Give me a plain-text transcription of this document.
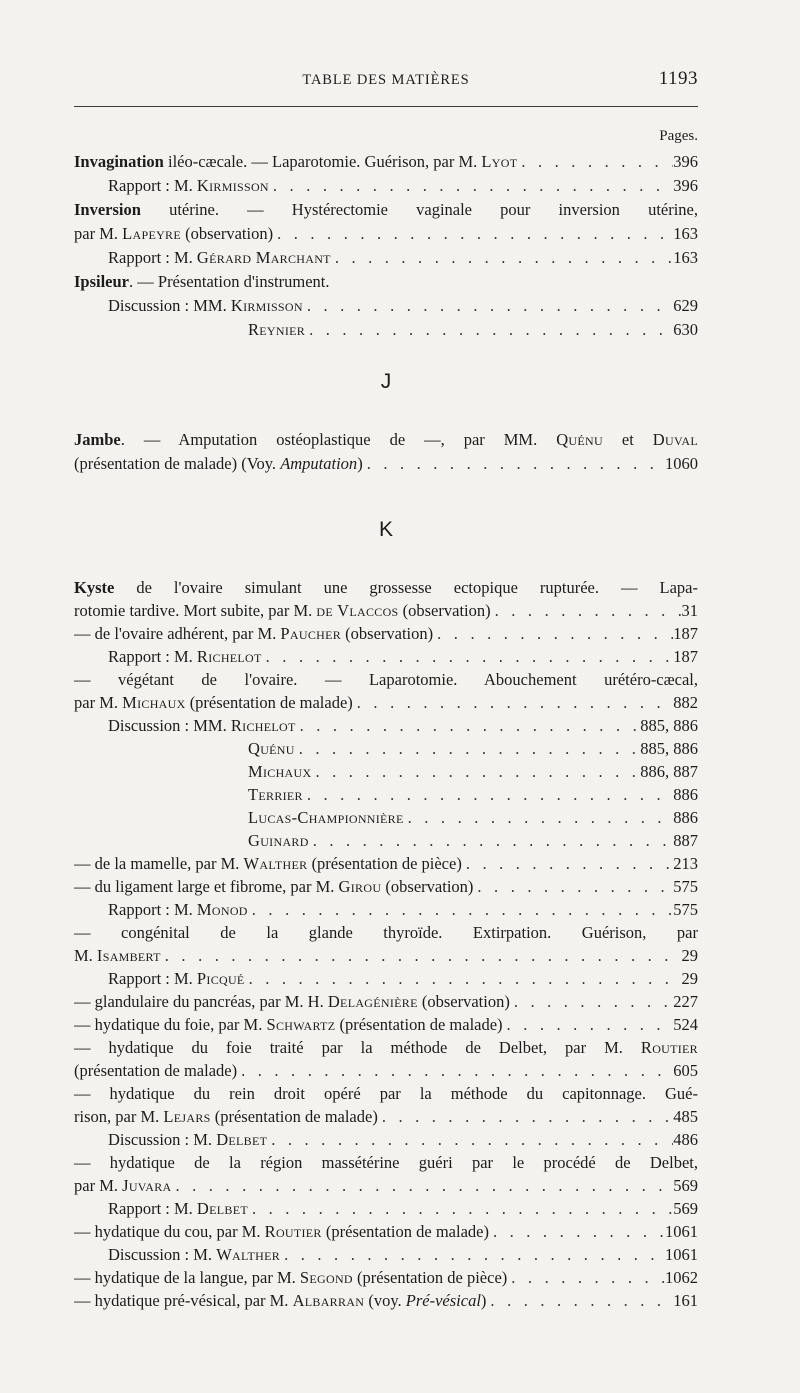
TABLE DES MATIÈRES	1193
Pages.
Invagination iléo-cæcale. — Laparotomie. Guérison, par M. Lyot . . .	396
Rapport : M. Kirmisson . . .	396
Inversion utérine. — Hystérectomie vaginale pour inversion utérine,
par M. Lapeyre (observation) . . .	163
Rapport : M. Gérard Marchant . . .	163
Ipsileur. — Présentation d'instrument.
Discussion : MM. Kirmisson . . .	629
Reynier . . .	630
J
Jambe. — Amputation ostéoplastique de —, par MM. Quénu et Duval
(présentation de malade) (Voy. Amputation) . . .	1060
K
Kyste de l'ovaire simulant une grossesse ectopique rupturée. — Lapa-
rotomie tardive. Mort subite, par M. de Vlaccos (observation) . . .	31
— de l'ovaire adhérent, par M. Paucher (observation) . . .	187
Rapport : M. Richelot . . .	187
— végétant de l'ovaire. — Laparotomie. Abouchement urétéro-cæcal,
par M. Michaux (présentation de malade) . . .	882
Discussion : MM. Richelot . . .	885, 886
Quénu . . .	885, 886
Michaux . . .	886, 887
Terrier . . .	886
Lucas-Championnière . . .	886
Guinard . . .	887
— de la mamelle, par M. Walther (présentation de pièce) . . .	213
— du ligament large et fibrome, par M. Girou (observation) . . .	575
Rapport : M. Monod . . .	575
— congénital de la glande thyroïde. Extirpation. Guérison, par
M. Isambert . . .	29
Rapport : M. Picqué . . .	29
— glandulaire du pancréas, par M. H. Delagénière (observation) . . .	227
— hydatique du foie, par M. Schwartz (présentation de malade) . . .	524
— hydatique du foie traité par la méthode de Delbet, par M. Routier
(présentation de malade) . . .	605
— hydatique du rein droit opéré par la méthode du capitonnage. Gué-
rison, par M. Lejars (présentation de malade) . . .	485
Discussion : M. Delbet . . .	486
— hydatique de la région massétérine guéri par le procédé de Delbet,
par M. Juvara . . .	569
Rapport : M. Delbet . . .	569
— hydatique du cou, par M. Routier (présentation de malade) . . .	1061
Discussion : M. Walther . . .	1061
— hydatique de la langue, par M. Segond (présentation de pièce) . . .	1062
— hydatique pré-vésical, par M. Albarran (voy. Pré-vésical) . . .	161
